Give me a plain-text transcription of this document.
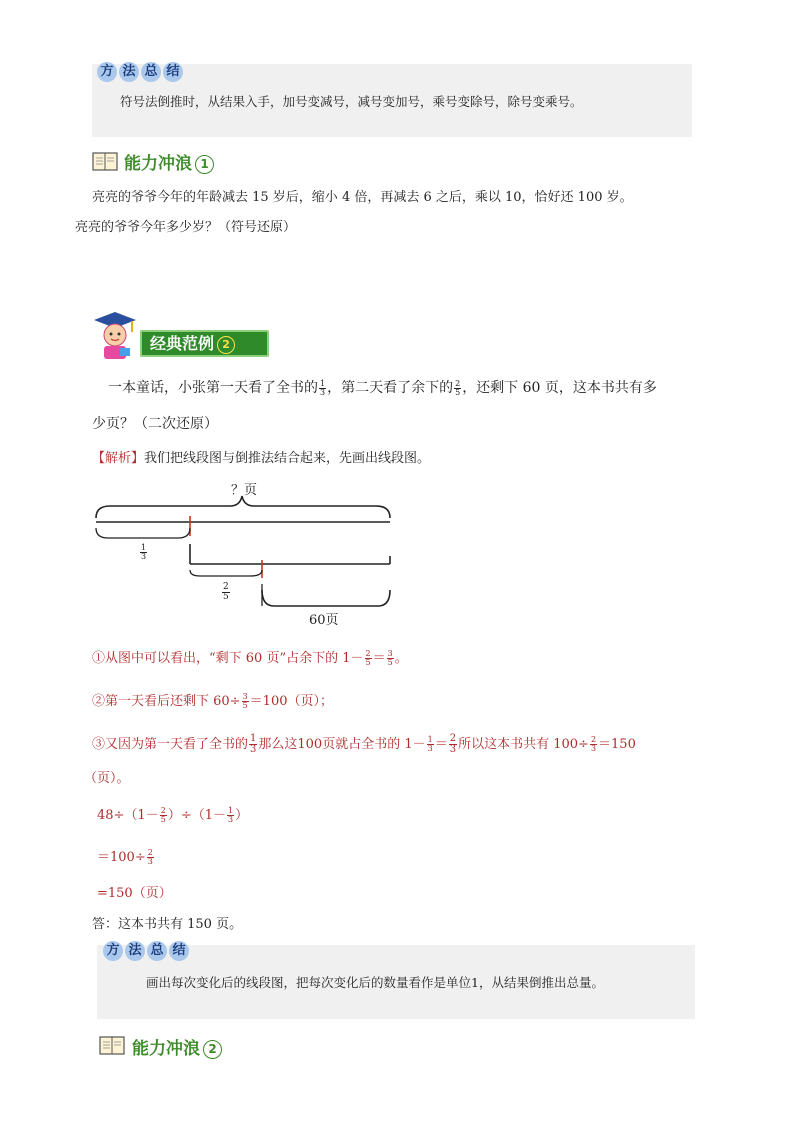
方 法 总 结
符号法倒推时，从结果入手，加号变减号，减号变加号，乘号变除号，除号变乘号。
能力冲浪 1
亮亮的爷爷今年的年龄减去 15 岁后，缩小 4 倍，再减去 6 之后，乘以 10，恰好还 100 岁。
亮亮的爷爷今年多少岁？（符号还原）
经典范例 2
一本童话，小张第一天看了全书的 $\frac{1}{3}$ ，第二天看了余下的 $\frac{2}{5}$ ，还剩下 60 页，这本书共有多
少页？（二次还原）
【解析】我们把线段图与倒推法结合起来，先画出线段图。
？页
$\frac{1}{3}$
$\frac{2}{5}$
60页
①从图中可以看出，“剩下 60 页”占余下的 $1- \frac{2}{5} = \frac{3}{5}$ 。
②第一天看后还剩下 $60\div \frac{3}{5} =100$（页）；
③又因为第一天看了全书的 $\frac{1}{3}$ 那么这100页就占全书的 $1- \frac{1}{3} = \frac{2}{3}$ 所以这本书共有 $100\div \frac{2}{3} =150$
（页）。
$48\div(1- \frac{2}{5} )\div(1- \frac{1}{3}$ ）
$=100\div \frac{2}{3}$
=150（页）
答：这本书共有 150 页。
方 法 总 结
画出每次变化后的线段图，把每次变化后的数量看作是单位1，从结果倒推出总量。
能力冲浪 2
